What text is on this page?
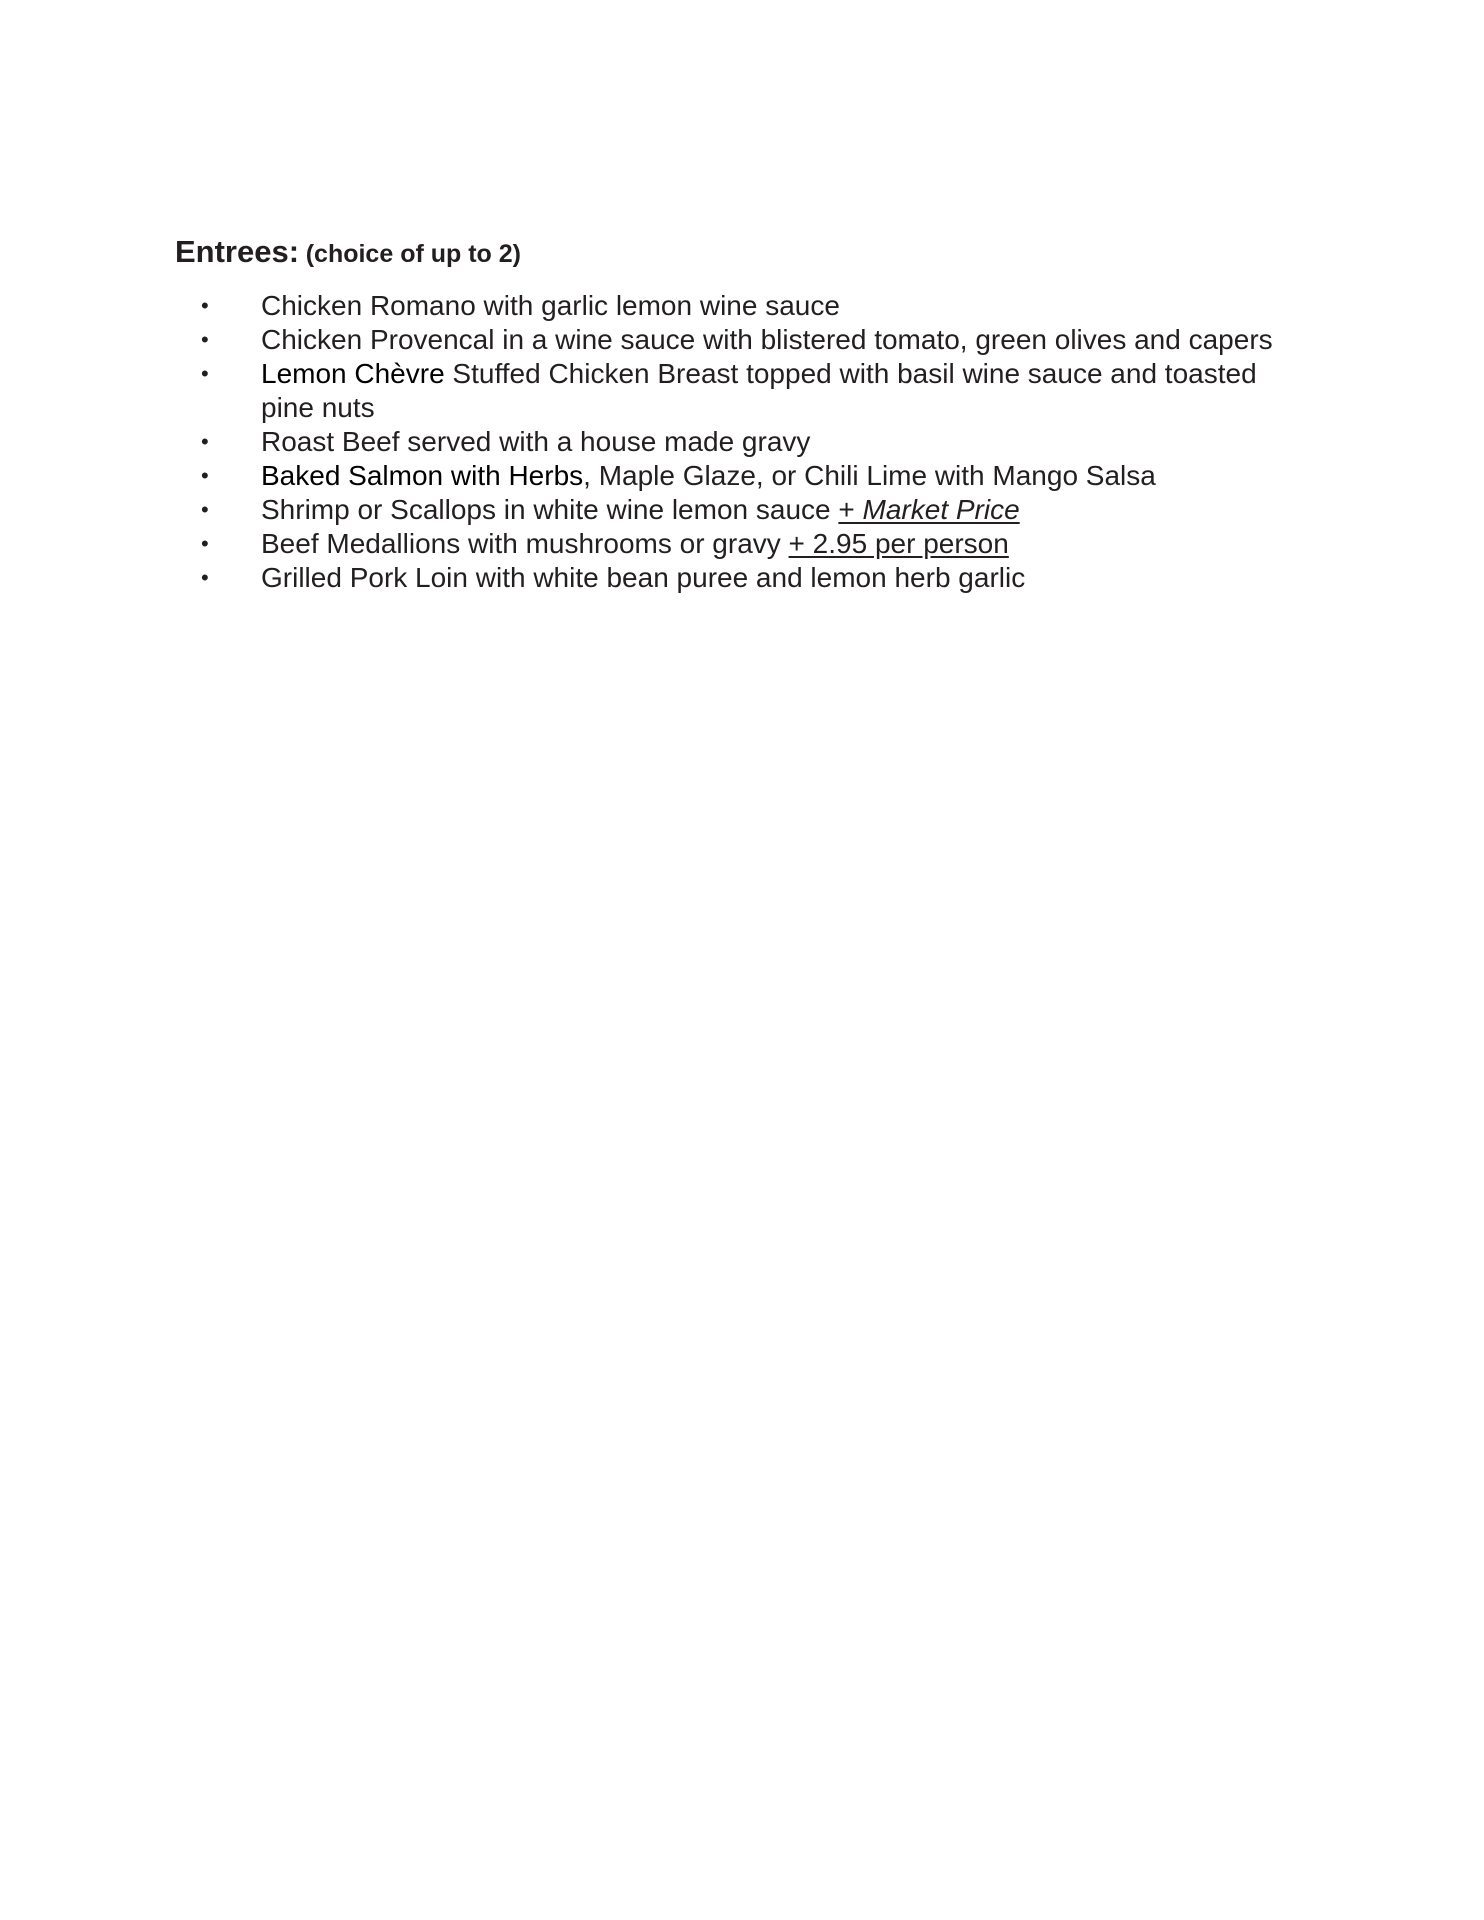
Entrees: (choice of up to 2)
• Chicken Romano with garlic lemon wine sauce
• Chicken Provencal in a wine sauce with blistered tomato, green olives and capers
• Lemon Chèvre Stuffed Chicken Breast topped with basil wine sauce and toasted pine nuts
• Roast Beef served with a house made gravy
• Baked Salmon with Herbs, Maple Glaze, or Chili Lime with Mango Salsa
• Shrimp or Scallops in white wine lemon sauce + Market Price
• Beef Medallions with mushrooms or gravy + 2.95 per person
• Grilled Pork Loin with white bean puree and lemon herb garlic
